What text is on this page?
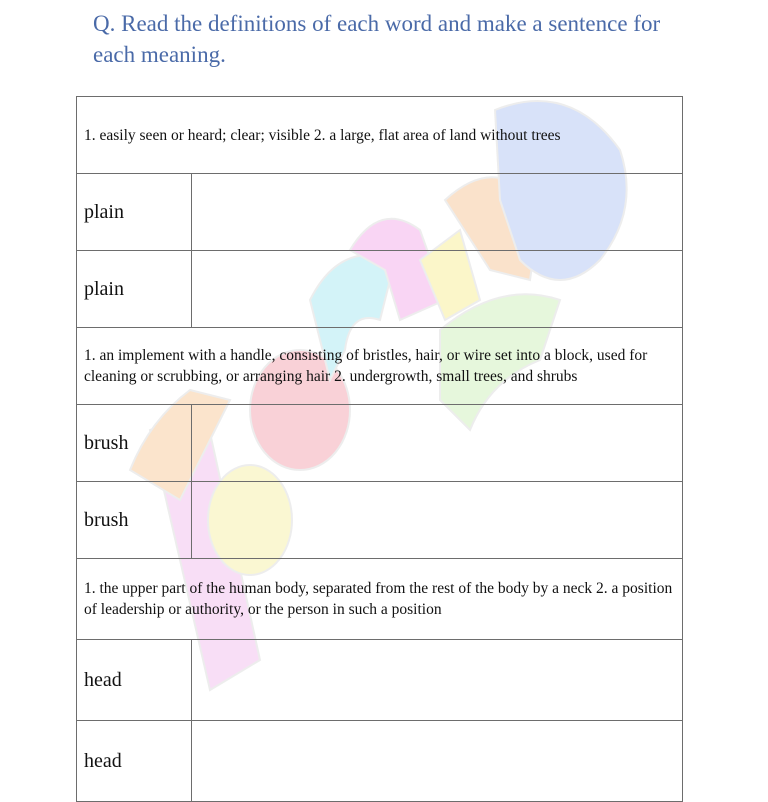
Q. Read the definitions of each word and make a sentence for each meaning.
1. easily seen or heard; clear; visible 2. a large, flat area of land without trees	
plain	
plain	
1. an implement with a handle, consisting of bristles, hair, or wire set into a block, used for cleaning or scrubbing, or arranging hair 2. undergrowth, small trees, and shrubs	
brush	
brush	
1. the upper part of the human body, separated from the rest of the body by a neck 2. a position of leadership or authority, or the person in such a position	
head	
head	
